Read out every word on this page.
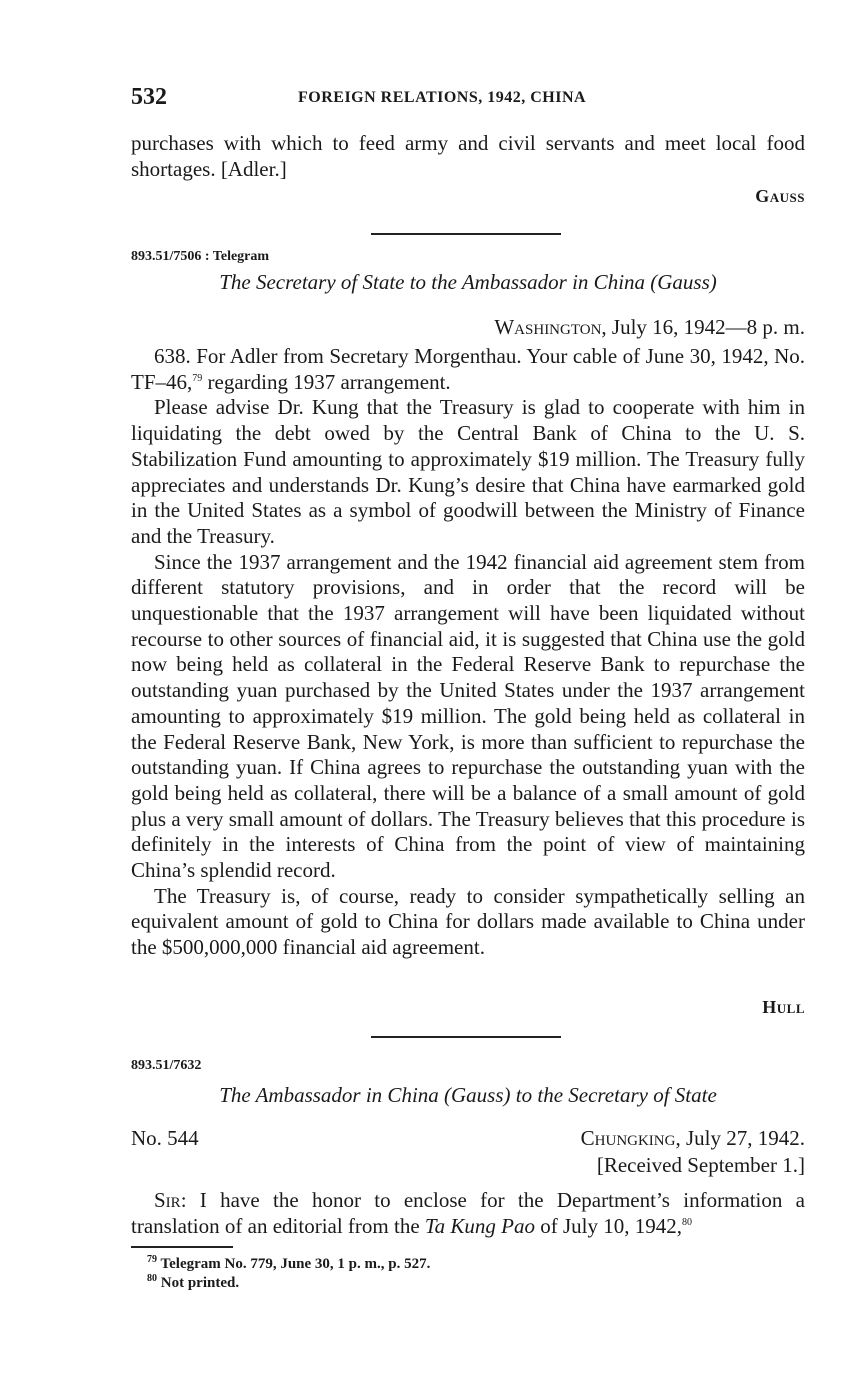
532	FOREIGN RELATIONS, 1942, CHINA

purchases with which to feed army and civil servants and meet local food shortages. [Adler.]

Gauss
893.51/7506 : Telegram
The Secretary of State to the Ambassador in China (Gauss)
Washington, July 16, 1942—8 p. m.

638. For Adler from Secretary Morgenthau. Your cable of June 30, 1942, No. TF–46,79 regarding 1937 arrangement.

Please advise Dr. Kung that the Treasury is glad to cooperate with him in liquidating the debt owed by the Central Bank of China to the U. S. Stabilization Fund amounting to approximately $19 million. The Treasury fully appreciates and understands Dr. Kung’s desire that China have earmarked gold in the United States as a symbol of goodwill between the Ministry of Finance and the Treasury.

Since the 1937 arrangement and the 1942 financial aid agreement stem from different statutory provisions, and in order that the record will be unquestionable that the 1937 arrangement will have been liquidated without recourse to other sources of financial aid, it is suggested that China use the gold now being held as collateral in the Federal Reserve Bank to repurchase the outstanding yuan purchased by the United States under the 1937 arrangement amounting to approximately $19 million. The gold being held as collateral in the Federal Reserve Bank, New York, is more than sufficient to repurchase the outstanding yuan. If China agrees to repurchase the outstanding yuan with the gold being held as collateral, there will be a balance of a small amount of gold plus a very small amount of dollars. The Treasury believes that this procedure is definitely in the interests of China from the point of view of maintaining China’s splendid record.

The Treasury is, of course, ready to consider sympathetically selling an equivalent amount of gold to China for dollars made available to China under the $500,000,000 financial aid agreement.

Hull
893.51/7632
The Ambassador in China (Gauss) to the Secretary of State
No. 544	Chungking, July 27, 1942.
[Received September 1.]

Sir: I have the honor to enclose for the Department’s information a translation of an editorial from the Ta Kung Pao of July 10, 1942,80

$^{79}$ Telegram No. 779, June 30, 1 p. m., p. 527.
$^{80}$ Not printed.
